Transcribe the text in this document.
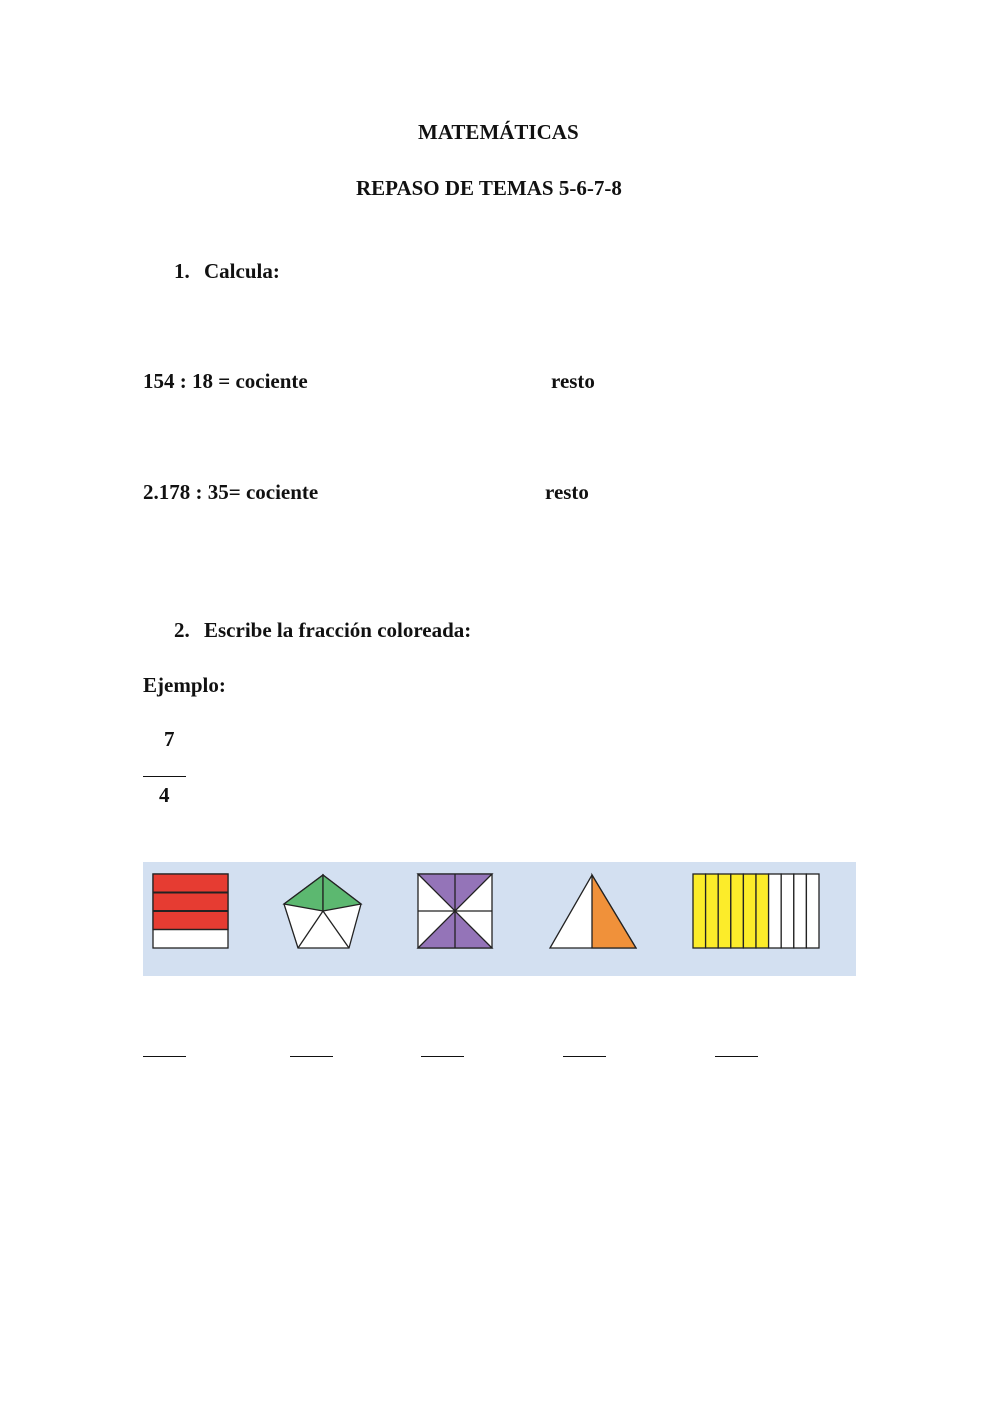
MATEMÁTICAS
REPASO DE TEMAS 5-6-7-8
1. Calcula:
154 : 18 = cociente	resto
2.178 : 35= cociente	resto
2. Escribe la fracción coloreada:
Ejemplo:
7
4
